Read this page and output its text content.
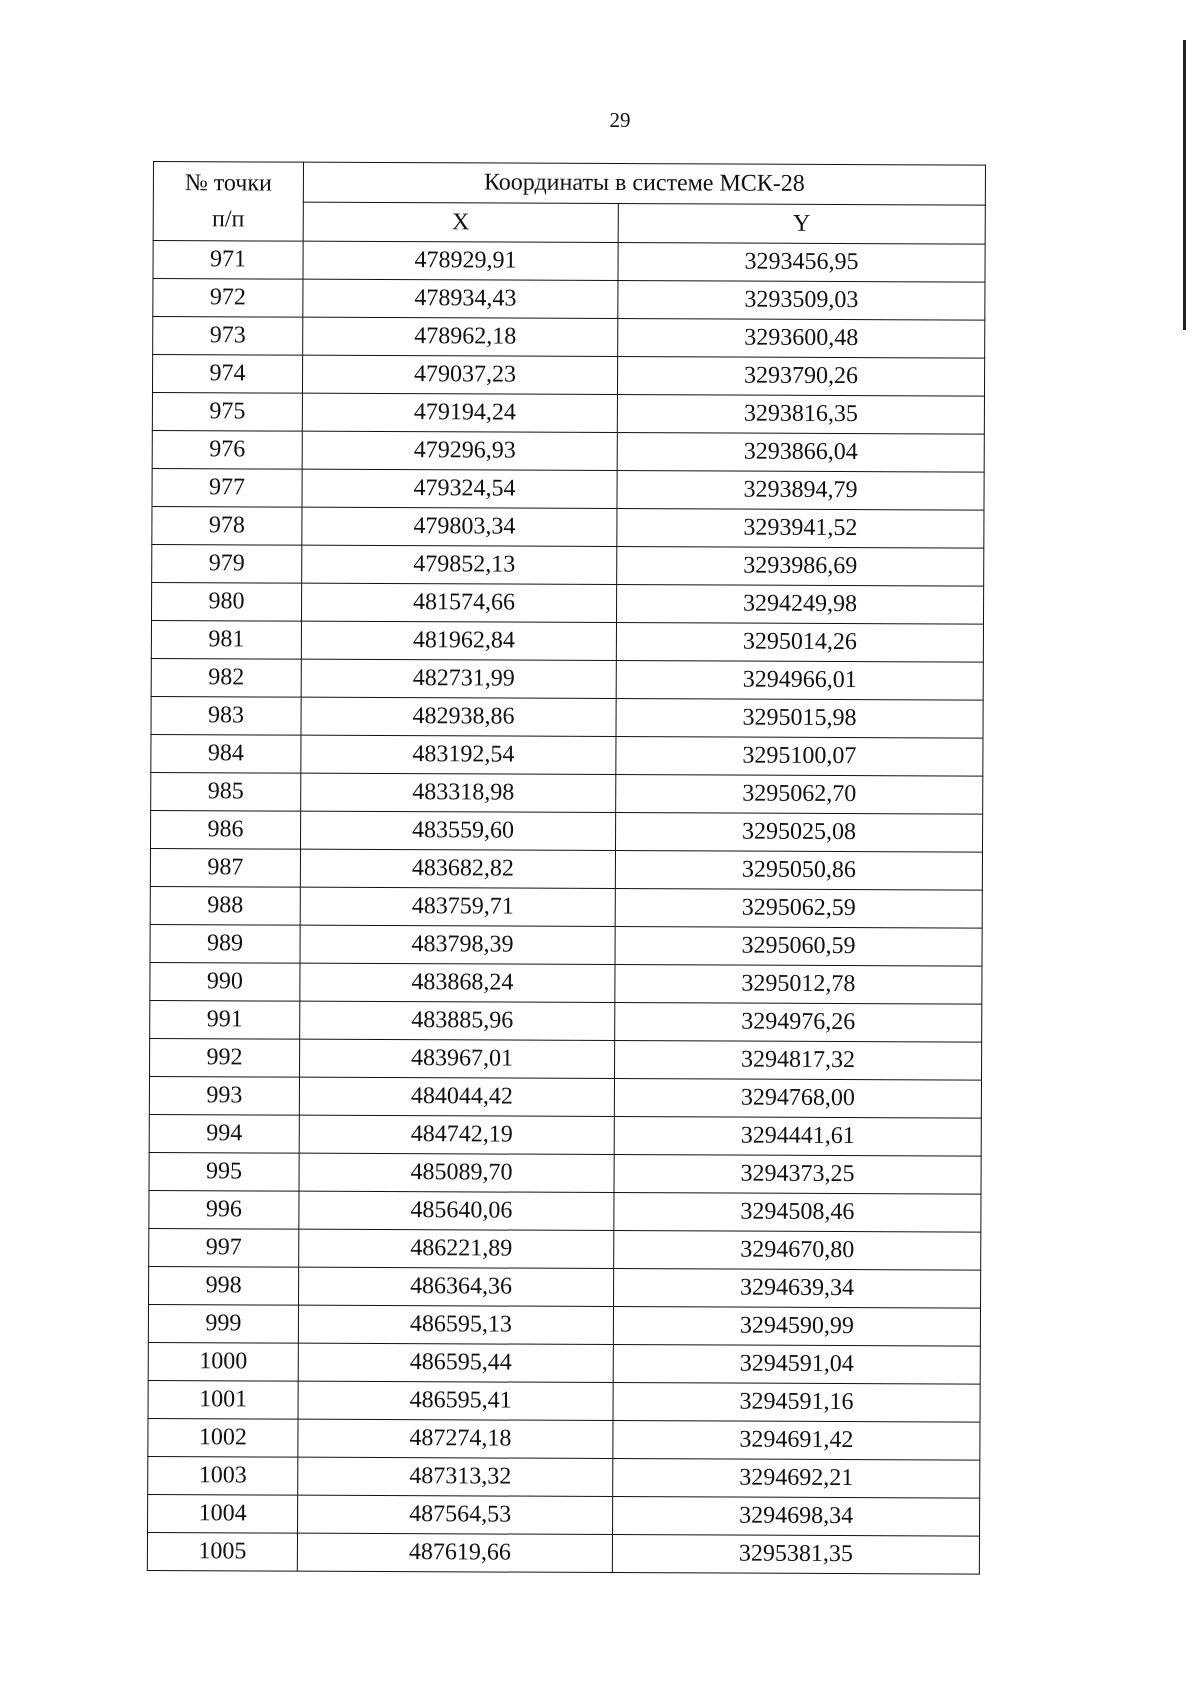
29
№ точки
п/п	Координаты в системе МСК-28	
	X	Y
971	478929,91	3293456,95
972	478934,43	3293509,03
973	478962,18	3293600,48
974	479037,23	3293790,26
975	479194,24	3293816,35
976	479296,93	3293866,04
977	479324,54	3293894,79
978	479803,34	3293941,52
979	479852,13	3293986,69
980	481574,66	3294249,98
981	481962,84	3295014,26
982	482731,99	3294966,01
983	482938,86	3295015,98
984	483192,54	3295100,07
985	483318,98	3295062,70
986	483559,60	3295025,08
987	483682,82	3295050,86
988	483759,71	3295062,59
989	483798,39	3295060,59
990	483868,24	3295012,78
991	483885,96	3294976,26
992	483967,01	3294817,32
993	484044,42	3294768,00
994	484742,19	3294441,61
995	485089,70	3294373,25
996	485640,06	3294508,46
997	486221,89	3294670,80
998	486364,36	3294639,34
999	486595,13	3294590,99
1000	486595,44	3294591,04
1001	486595,41	3294591,16
1002	487274,18	3294691,42
1003	487313,32	3294692,21
1004	487564,53	3294698,34
1005	487619,66	3295381,35
